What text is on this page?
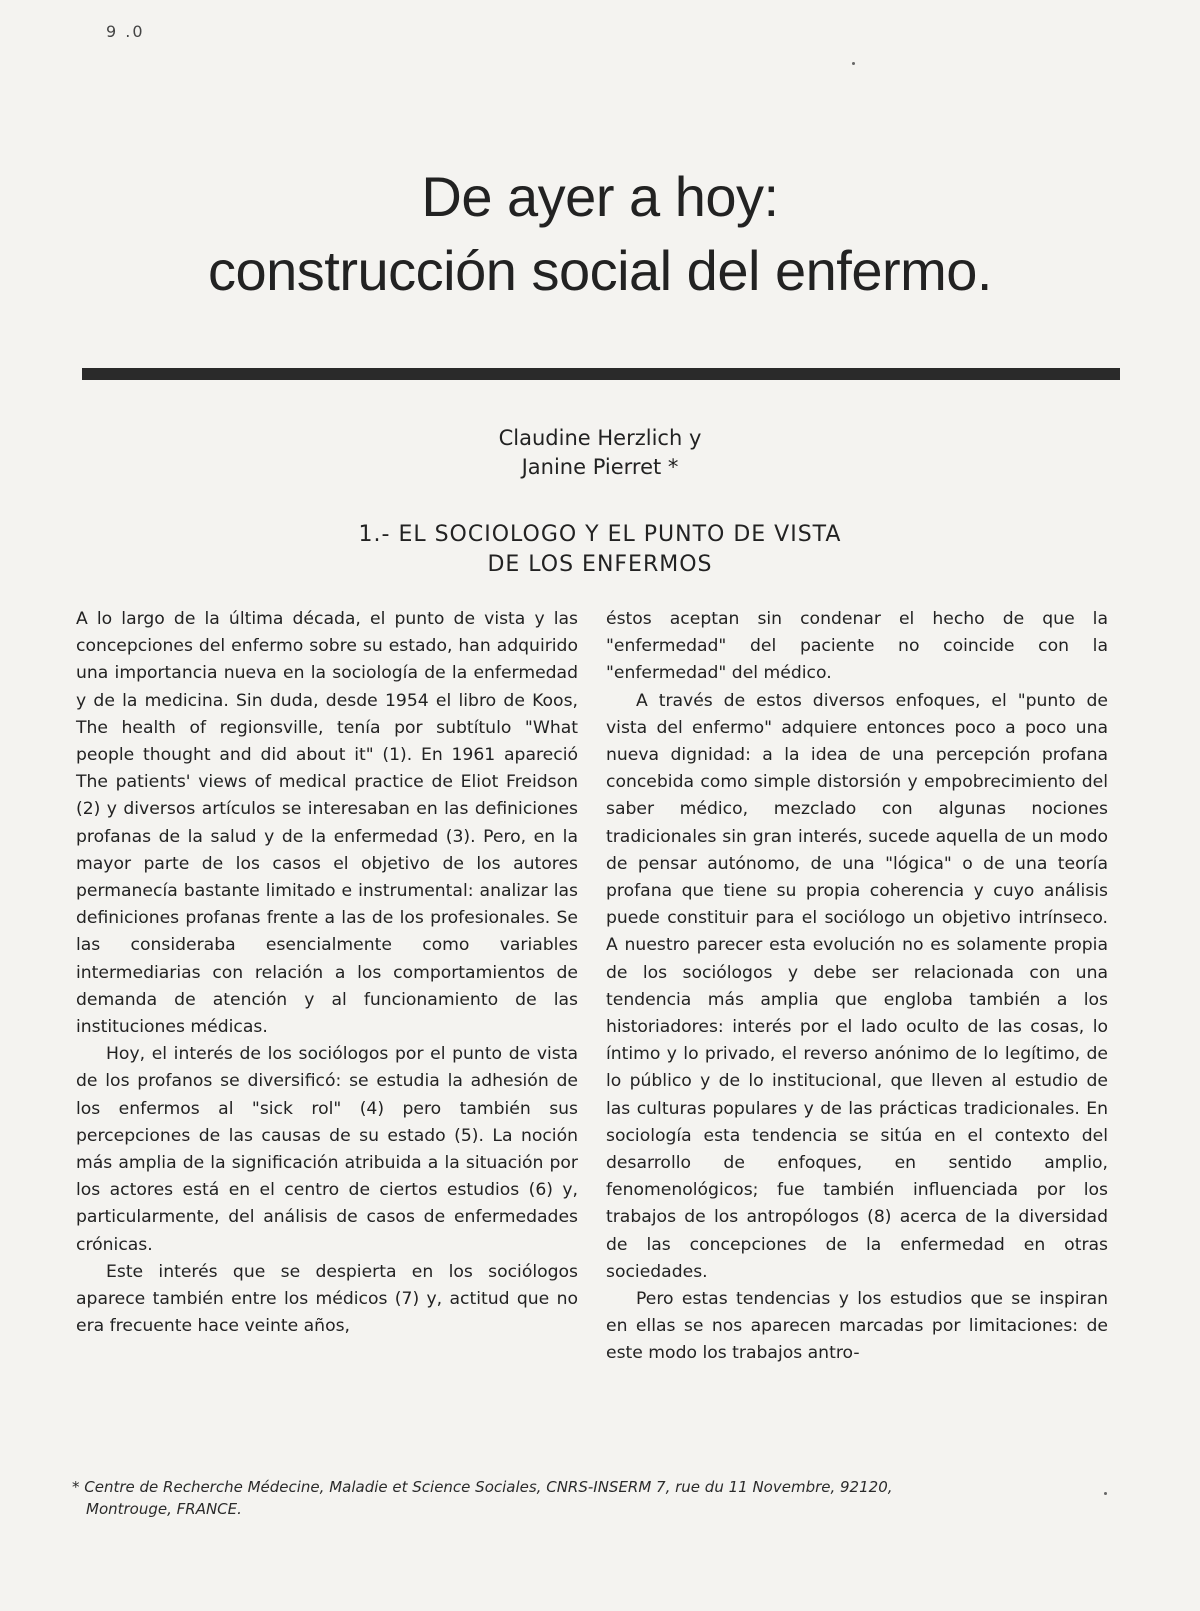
9 .0
De ayer a hoy:
construcción social del enfermo.
Claudine Herzlich y
Janine Pierret *
1.- EL SOCIOLOGO Y EL PUNTO DE VISTA
DE LOS ENFERMOS

A lo largo de la última década, el punto de vista y las concepciones del enfermo sobre su estado, han adquirido una importancia nueva en la sociología de la enfermedad y de la medicina. Sin duda, desde 1954 el libro de Koos, The health of regionsville, tenía por subtítulo "What people thought and did about it" (1). En 1961 apareció The patients' views of medical practice de Eliot Freidson (2) y diversos artículos se interesaban en las definiciones profanas de la salud y de la enfermedad (3). Pero, en la mayor parte de los casos el objetivo de los autores permanecía bastante limitado e instrumental: analizar las definiciones profanas frente a las de los profesionales. Se las consideraba esencialmente como variables intermediarias con relación a los comportamientos de demanda de atención y al funcionamiento de las instituciones médicas.

Hoy, el interés de los sociólogos por el punto de vista de los profanos se diversificó: se estudia la adhesión de los enfermos al "sick rol" (4) pero también sus percepciones de las causas de su estado (5). La noción más amplia de la significación atribuida a la situación por los actores está en el centro de ciertos estudios (6) y, particularmente, del análisis de casos de enfermedades crónicas.

Este interés que se despierta en los sociólogos aparece también entre los médicos (7) y, actitud que no era frecuente hace veinte años,

éstos aceptan sin condenar el hecho de que la "enfermedad" del paciente no coincide con la "enfermedad" del médico.

A través de estos diversos enfoques, el "punto de vista del enfermo" adquiere entonces poco a poco una nueva dignidad: a la idea de una percepción profana concebida como simple distorsión y empobrecimiento del saber médico, mezclado con algunas nociones tradicionales sin gran interés, sucede aquella de un modo de pensar autónomo, de una "lógica" o de una teoría profana que tiene su propia coherencia y cuyo análisis puede constituir para el sociólogo un objetivo intrínseco. A nuestro parecer esta evolución no es solamente propia de los sociólogos y debe ser relacionada con una tendencia más amplia que engloba también a los historiadores: interés por el lado oculto de las cosas, lo íntimo y lo privado, el reverso anónimo de lo legítimo, de lo público y de lo institucional, que lleven al estudio de las culturas populares y de las prácticas tradicionales. En sociología esta tendencia se sitúa en el contexto del desarrollo de enfoques, en sentido amplio, fenomenológicos; fue también influenciada por los trabajos de los antropólogos (8) acerca de la diversidad de las concepciones de la enfermedad en otras sociedades.

Pero estas tendencias y los estudios que se inspiran en ellas se nos aparecen marcadas por limitaciones: de este modo los trabajos antro-

* Centre de Recherche Médecine, Maladie et Science Sociales, CNRS-INSERM 7, rue du 11 Novembre, 92120,
Montrouge, FRANCE.
